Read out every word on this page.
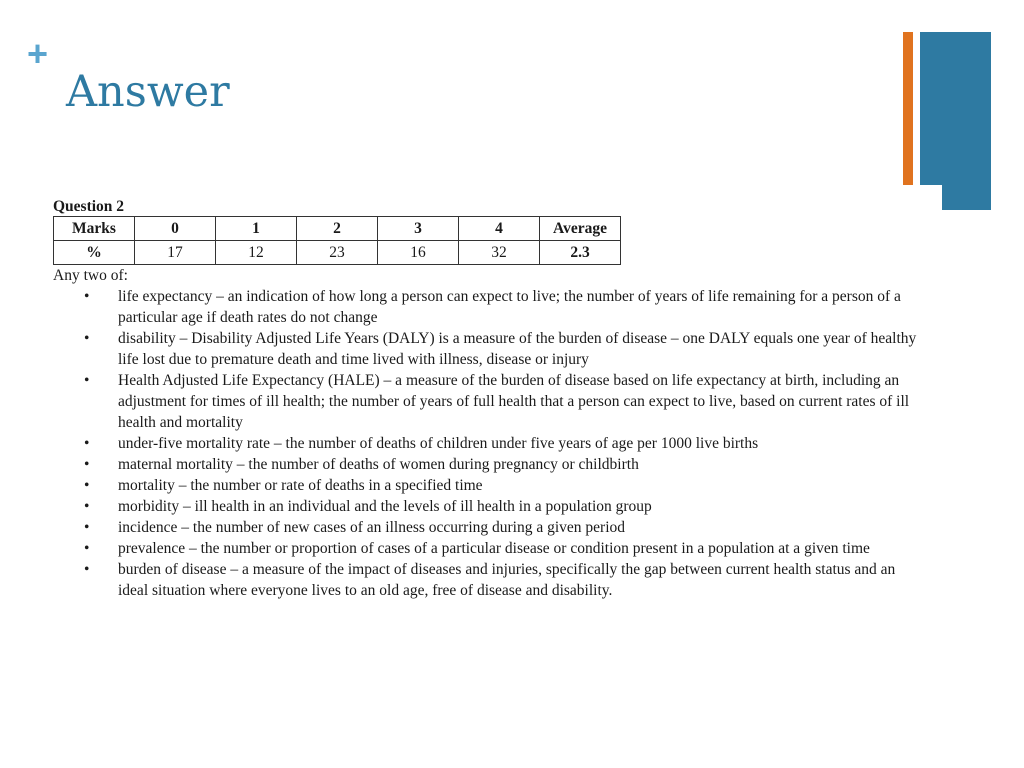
+
Answer

Question 2

Marks	0	1	2	3	4	Average
%	17	12	23	16	32	2.3

Any two of:

• life expectancy – an indication of how long a person can expect to live; the number of years of life remaining for a person of a particular age if death rates do not change
• disability – Disability Adjusted Life Years (DALY) is a measure of the burden of disease – one DALY equals one year of healthy life lost due to premature death and time lived with illness, disease or injury
• Health Adjusted Life Expectancy (HALE) – a measure of the burden of disease based on life expectancy at birth, including an adjustment for times of ill health; the number of years of full health that a person can expect to live, based on current rates of ill health and mortality
• under-five mortality rate – the number of deaths of children under five years of age per 1000 live births
• maternal mortality – the number of deaths of women during pregnancy or childbirth
• mortality – the number or rate of deaths in a specified time
• morbidity – ill health in an individual and the levels of ill health in a population group
• incidence – the number of new cases of an illness occurring during a given period
• prevalence – the number or proportion of cases of a particular disease or condition present in a population at a given time
• burden of disease – a measure of the impact of diseases and injuries, specifically the gap between current health status and an ideal situation where everyone lives to an old age, free of disease and disability.
